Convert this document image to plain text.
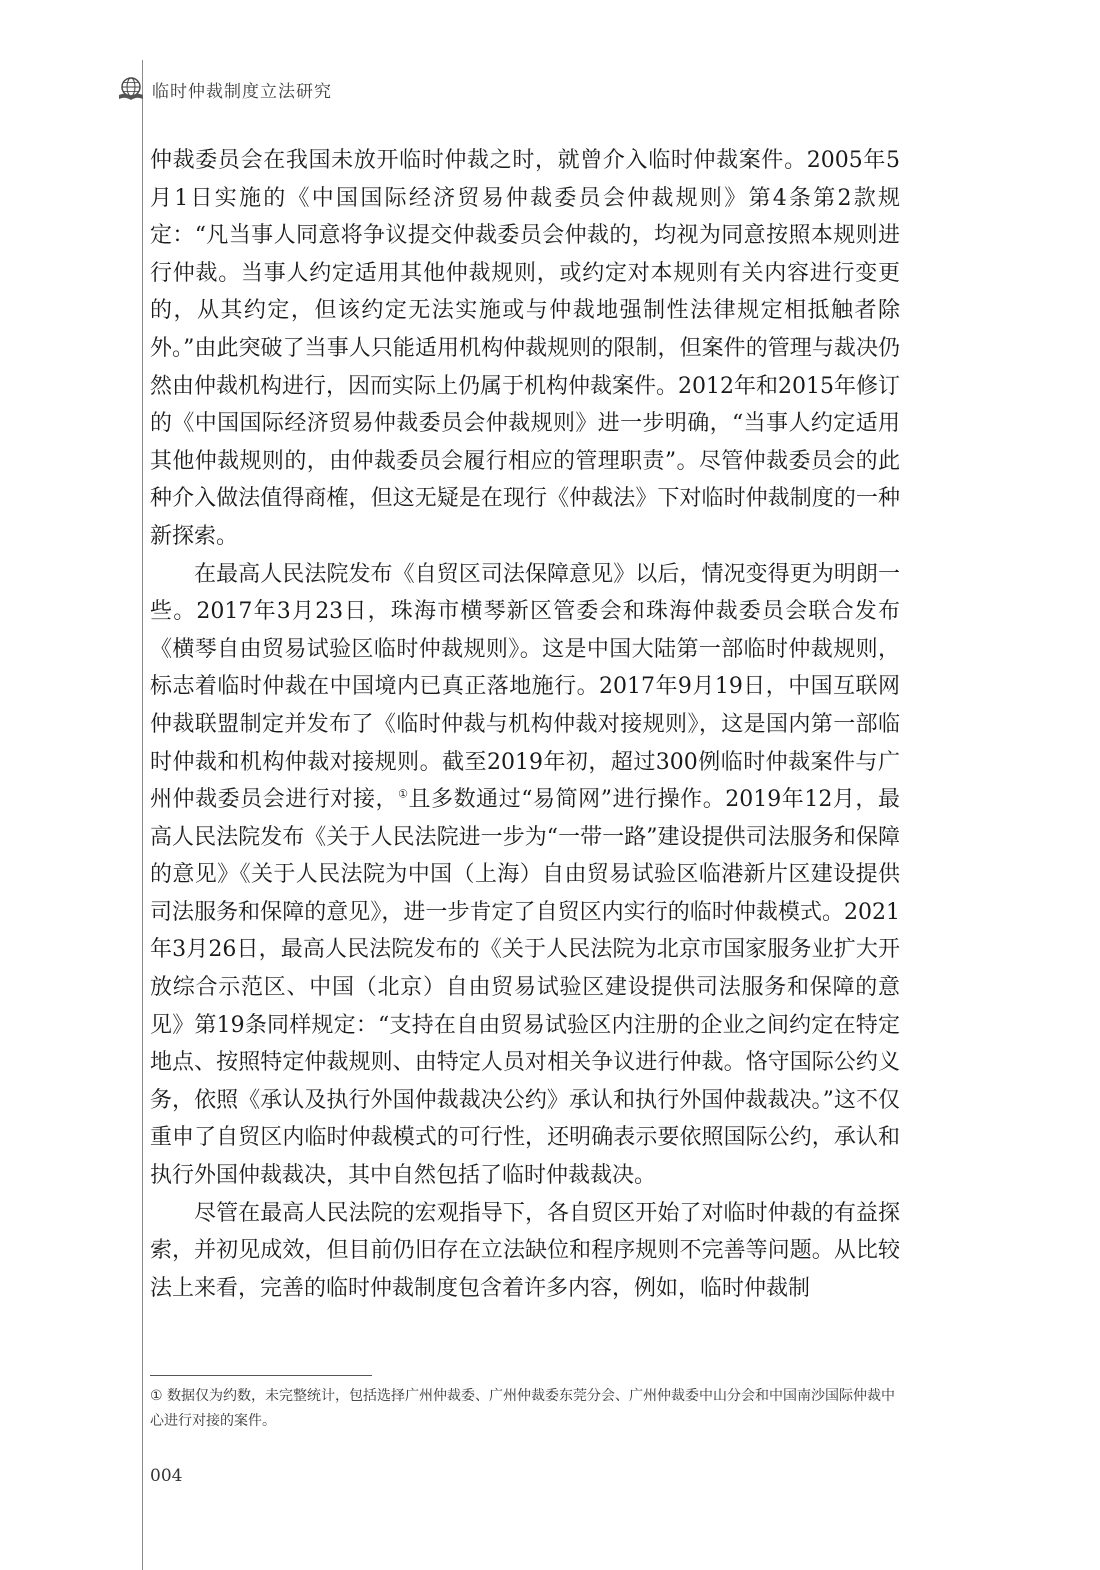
临时仲裁制度立法研究

仲裁委员会在我国未放开临时仲裁之时，就曾介入临时仲裁案件。2005年5月1日实施的《中国国际经济贸易仲裁委员会仲裁规则》第4条第2款规定：“凡当事人同意将争议提交仲裁委员会仲裁的，均视为同意按照本规则进行仲裁。当事人约定适用其他仲裁规则，或约定对本规则有关内容进行变更的，从其约定，但该约定无法实施或与仲裁地强制性法律规定相抵触者除外。”由此突破了当事人只能适用机构仲裁规则的限制，但案件的管理与裁决仍然由仲裁机构进行，因而实际上仍属于机构仲裁案件。2012年和2015年修订的《中国国际经济贸易仲裁委员会仲裁规则》进一步明确，“当事人约定适用其他仲裁规则的，由仲裁委员会履行相应的管理职责”。尽管仲裁委员会的此种介入做法值得商榷，但这无疑是在现行《仲裁法》下对临时仲裁制度的一种新探索。

在最高人民法院发布《自贸区司法保障意见》以后，情况变得更为明朗一些。2017年3月23日，珠海市横琴新区管委会和珠海仲裁委员会联合发布《横琴自由贸易试验区临时仲裁规则》。这是中国大陆第一部临时仲裁规则，标志着临时仲裁在中国境内已真正落地施行。2017年9月19日，中国互联网仲裁联盟制定并发布了《临时仲裁与机构仲裁对接规则》，这是国内第一部临时仲裁和机构仲裁对接规则。截至2019年初，超过300例临时仲裁案件与广州仲裁委员会进行对接，①且多数通过“易简网”进行操作。2019年12月，最高人民法院发布《关于人民法院进一步为“一带一路”建设提供司法服务和保障的意见》《关于人民法院为中国（上海）自由贸易试验区临港新片区建设提供司法服务和保障的意见》，进一步肯定了自贸区内实行的临时仲裁模式。2021年3月26日，最高人民法院发布的《关于人民法院为北京市国家服务业扩大开放综合示范区、中国（北京）自由贸易试验区建设提供司法服务和保障的意见》第19条同样规定：“支持在自由贸易试验区内注册的企业之间约定在特定地点、按照特定仲裁规则、由特定人员对相关争议进行仲裁。恪守国际公约义务，依照《承认及执行外国仲裁裁决公约》承认和执行外国仲裁裁决。”这不仅重申了自贸区内临时仲裁模式的可行性，还明确表示要依照国际公约，承认和执行外国仲裁裁决，其中自然包括了临时仲裁裁决。

尽管在最高人民法院的宏观指导下，各自贸区开始了对临时仲裁的有益探索，并初见成效，但目前仍旧存在立法缺位和程序规则不完善等问题。从比较法上来看，完善的临时仲裁制度包含着许多内容，例如，临时仲裁制

① 数据仅为约数，未完整统计，包括选择广州仲裁委、广州仲裁委东莞分会、广州仲裁委中山分会和中国南沙国际仲裁中心进行对接的案件。

004
